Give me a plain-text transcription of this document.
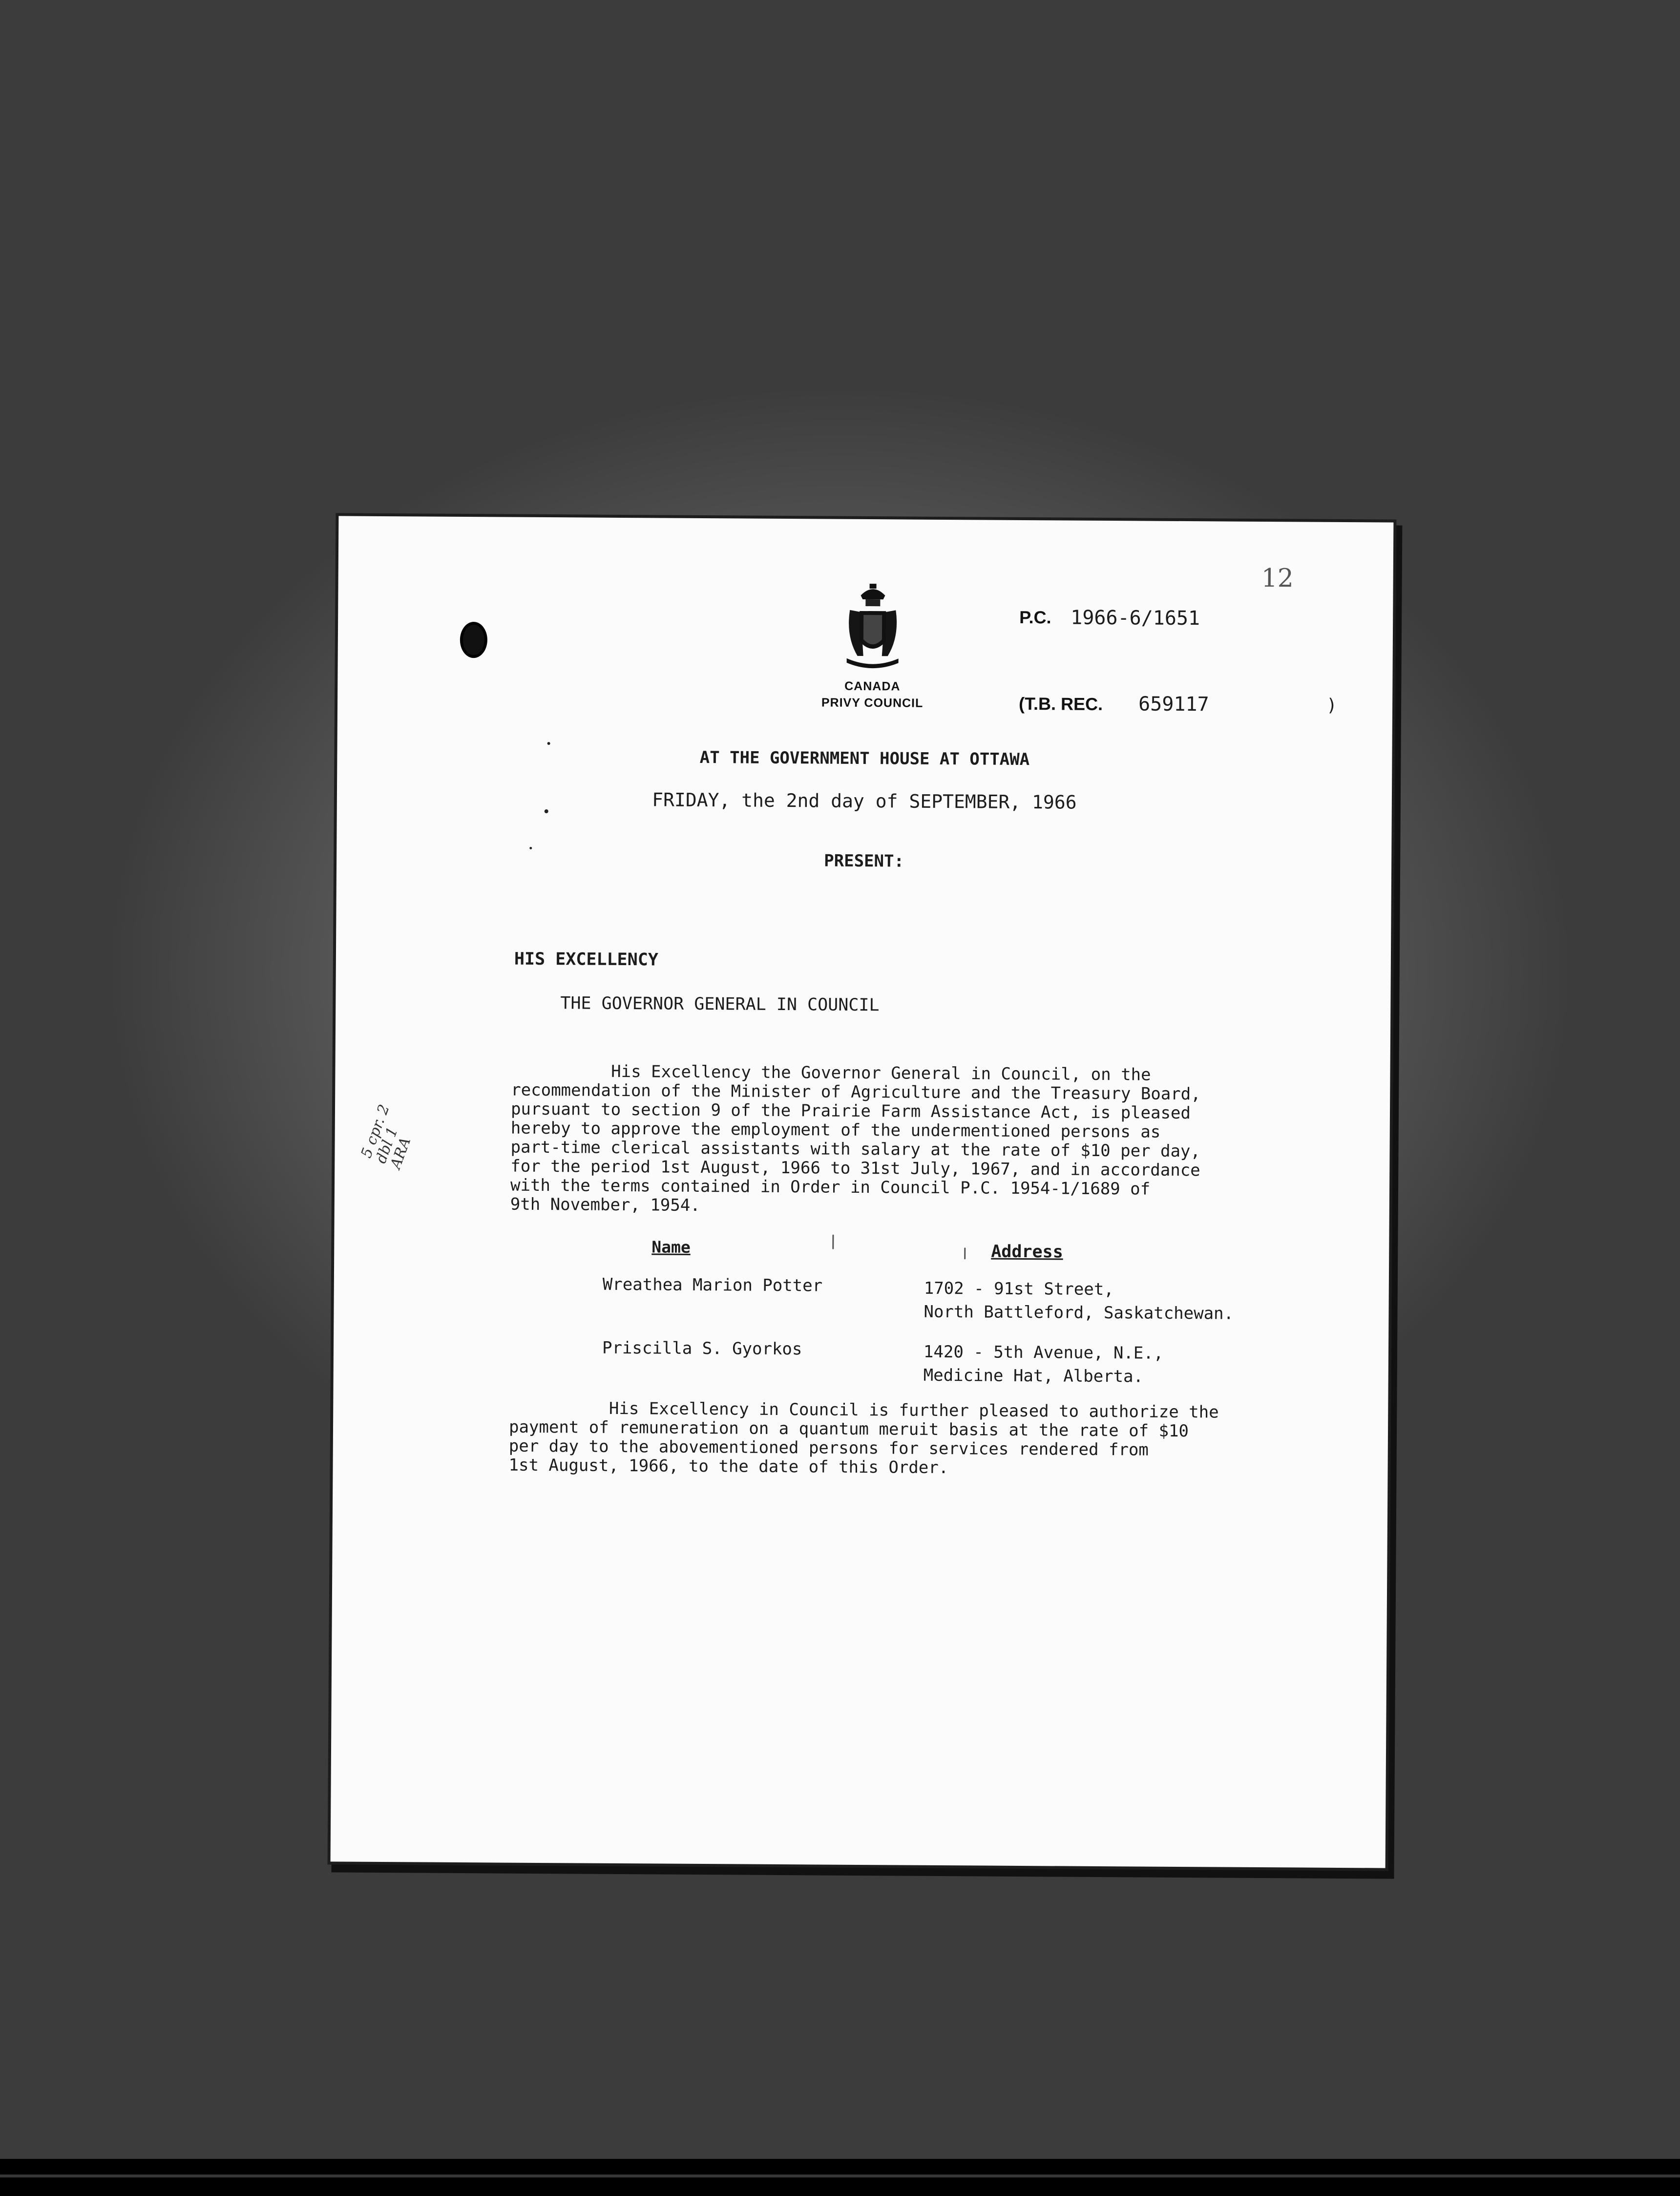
CANADA
PRIVY COUNCIL
12
P.C. 1966-6/1651
(T.B. REC. 659117	)
AT THE GOVERNMENT HOUSE AT OTTAWA
FRIDAY, the 2nd day of SEPTEMBER, 1966
PRESENT:
HIS EXCELLENCY
THE GOVERNOR GENERAL IN COUNCIL
5 cpr. 2 dbl 1 ARA
His Excellency the Governor General in Council, on the
recommendation of the Minister of Agriculture and the Treasury Board,
pursuant to section 9 of the Prairie Farm Assistance Act, is pleased
hereby to approve the employment of the undermentioned persons as
part-time clerical assistants with salary at the rate of $10 per day,
for the period 1st August, 1966 to 31st July, 1967, and in accordance
with the terms contained in Order in Council P.C. 1954-1/1689 of
9th November, 1954.
Name	Address
Wreathea Marion Potter	1702 - 91st Street,
North Battleford, Saskatchewan.
Priscilla S. Gyorkos	1420 - 5th Avenue, N.E.,
Medicine Hat, Alberta.
His Excellency in Council is further pleased to authorize the
payment of remuneration on a quantum meruit basis at the rate of $10
per day to the abovementioned persons for services rendered from
1st August, 1966, to the date of this Order.
